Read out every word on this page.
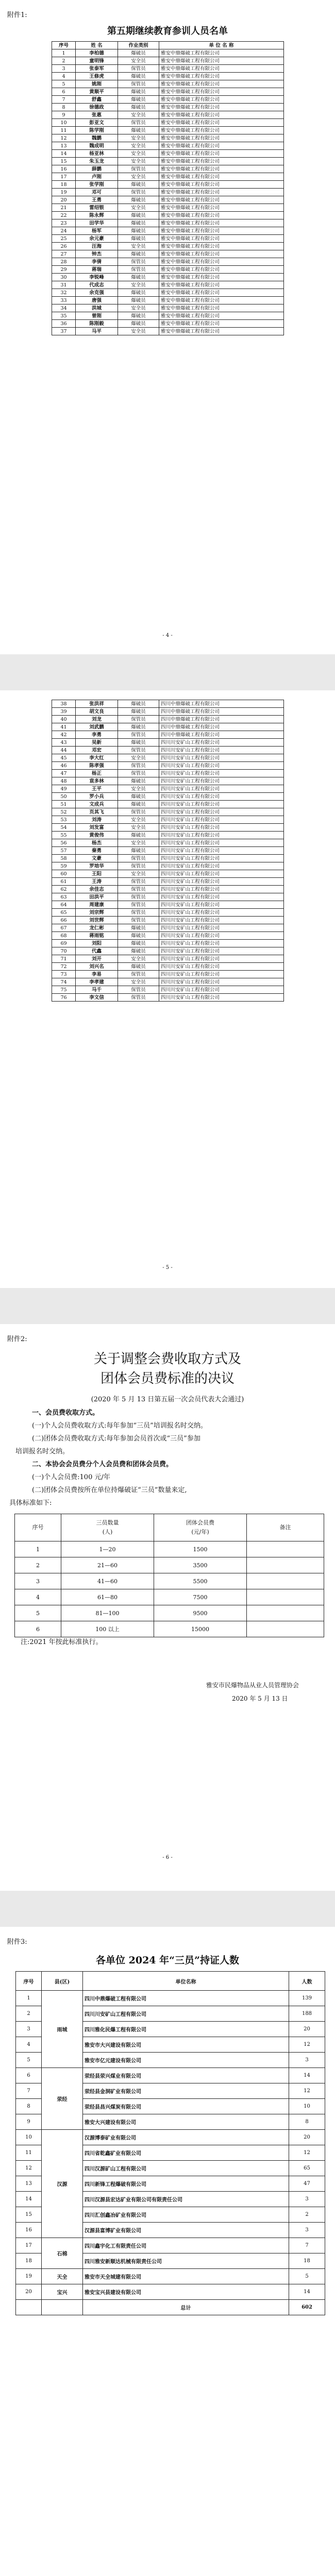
附件1:
第五期继续教育参训人员名单
序号	姓 名	作业类别	单 位 名 称
1	李柏德	爆破员	雅安中鼎爆破工程有限公司
2	童明锋	安全员	雅安中鼎爆破工程有限公司
3	张泰军	保管员	雅安中鼎爆破工程有限公司
4	王修虎	爆破员	雅安中鼎爆破工程有限公司
5	姚刚	保管员	雅安中鼎爆破工程有限公司
6	黄顺平	爆破员	雅安中鼎爆破工程有限公司
7	舒鑫	爆破员	雅安中鼎爆破工程有限公司
8	徐德政	爆破员	雅安中鼎爆破工程有限公司
9	张惠	安全员	雅安中鼎爆破工程有限公司
10	彭亚文	保管员	雅安中鼎爆破工程有限公司
11	陈学刚	爆破员	雅安中鼎爆破工程有限公司
12	魏鹏	安全员	雅安中鼎爆破工程有限公司
13	魏成明	安全员	雅安中鼎爆破工程有限公司
14	杨亚林	安全员	雅安中鼎爆破工程有限公司
15	朱玉龙	安全员	雅安中鼎爆破工程有限公司
16	薛鹏	保管员	雅安中鼎爆破工程有限公司
17	卢刚	安全员	雅安中鼎爆破工程有限公司
18	张学刚	爆破员	雅安中鼎爆破工程有限公司
19	邓可	保管员	雅安中鼎爆破工程有限公司
20	王勇	爆破员	雅安中鼎爆破工程有限公司
21	雷绍银	安全员	雅安中鼎爆破工程有限公司
22	陈永辉	爆破员	雅安中鼎爆破工程有限公司
23	田学华	爆破员	雅安中鼎爆破工程有限公司
24	杨军	爆破员	雅安中鼎爆破工程有限公司
25	余元豪	爆破员	雅安中鼎爆破工程有限公司
26	汪海	安全员	雅安中鼎爆破工程有限公司
27	钟杰	爆破员	雅安中鼎爆破工程有限公司
28	李倩	保管员	雅安中鼎爆破工程有限公司
29	蒋瑞	保管员	雅安中鼎爆破工程有限公司
30	李锐峰	爆破员	雅安中鼎爆破工程有限公司
31	代成志	安全员	雅安中鼎爆破工程有限公司
32	余克强	爆破员	雅安中鼎爆破工程有限公司
33	唐强	爆破员	雅安中鼎爆破工程有限公司
34	洪城	安全员	雅安中鼎爆破工程有限公司
35	曾刚	爆破员	雅安中鼎爆破工程有限公司
36	陈刚毅	爆破员	雅安中鼎爆破工程有限公司
37	马平	安全员	雅安中鼎爆破工程有限公司
- 4 -
38	张洪祥	爆破员	四川中鼎爆破工程有限公司
39	胡文良	爆破员	四川中鼎爆破工程有限公司
40	刘龙	保管员	四川中鼎爆破工程有限公司
41	刘武鹏	爆破员	四川中鼎爆破工程有限公司
42	李勇	保管员	四川中鼎爆破工程有限公司
43	吴新	爆破员	四川川安矿山工程有限公司
44	邓宏	保管员	四川川安矿山工程有限公司
45	李大红	安全员	四川川安矿山工程有限公司
46	陈孝强	保管员	四川川安矿山工程有限公司
47	杨正	保管员	四川川安矿山工程有限公司
48	袁多林	爆破员	四川川安矿山工程有限公司
49	王平	安全员	四川川安矿山工程有限公司
50	罗小兵	爆破员	四川川安矿山工程有限公司
51	文成兵	爆破员	四川川安矿山工程有限公司
52	页其飞	保管员	四川川安矿山工程有限公司
53	刘涛	安全员	四川川安矿山工程有限公司
54	刘发富	安全员	四川川安矿山工程有限公司
55	黄俊伟	爆破员	四川川安矿山工程有限公司
56	杨杰	安全员	四川川安矿山工程有限公司
57	秦勇	爆破员	四川川安矿山工程有限公司
58	文豪	保管员	四川川安矿山工程有限公司
59	罗培华	保管员	四川川安矿山工程有限公司
60	王阳	安全员	四川川安矿山工程有限公司
61	王涛	保管员	四川川安矿山工程有限公司
62	余佳志	保管员	四川川安矿山工程有限公司
63	田洪平	保管员	四川川安矿山工程有限公司
64	周建康	保管员	四川川安矿山工程有限公司
65	刘宗辉	保管员	四川川安矿山工程有限公司
66	刘世辉	保管员	四川川安矿山工程有限公司
67	龙仁彬	爆破员	四川川安矿山工程有限公司
68	蒋雨铭	爆破员	四川川安矿山工程有限公司
69	刘阳	爆破员	四川川安矿山工程有限公司
70	代鑫	爆破员	四川川安矿山工程有限公司
71	刘开	安全员	四川川安矿山工程有限公司
72	刘兴名	爆破员	四川川安矿山工程有限公司
73	李易	保管员	四川川安矿山工程有限公司
74	李孝建	安全员	四川川安矿山工程有限公司
75	马千	保管员	四川川安矿山工程有限公司
76	李文信	保管员	四川川安矿山工程有限公司
- 5 -
附件2:
关于调整会费收取方式及
团体会员费标准的决议
(2020 年 5 月 13 日第五届一次会员代表大会通过)
一、会员费收取方式。
(一)个人会员费收取方式:每年参加“三员”培训报名时交纳。
(二)团体会员费收取方式:每年参加会员首次或“三员”参加
培训报名时交纳。
二、本协会会员费分个人会员费和团体会员费。
(一)个人会员费:100 元/年
(二)团体会员费按所在单位持爆破证“三员”数量来定,
具体标准如下:
序号	三员数量
(人)	团体会员费
(元/年)	备注
1	1—20	1500	
2	21—60	3500	
3	41—60	5500	
4	61—80	7500	
5	81—100	9500	
6	100 以上	15000	
注:2021 年按此标准执行。
雅安市民爆物品从业人员管理协会
2020 年 5 月 13 日
- 6 -
附件3:
各单位 2024 年“三员”持证人数
序号	县(区)	单位名称	人数
1	雨城	四川中鼎爆破工程有限公司	139
2		四川川安矿山工程有限公司	188
3		四川雅化民爆工程有限公司	20
4		雅安市大兴建设有限公司	12
5		雅安市亿元建设有限公司	3
6	荥经	荥经县荥兴煤业有限公司	14
7		荥经县金洞矿业有限公司	12
8		荥经县昌兴煤炭有限公司	10
9		雅安大兴建设有限公司	8
10	汉源	汉源博泰矿业有限公司	20
11		四川省乾鑫矿业有限公司	12
12		四川汉源矿山工程有限公司	65
13		四川新锋工程爆破有限公司	47
14		四川汉源县宏达矿业有限公司有限责任公司	3
15		四川汇创鑫冶矿业有限公司	2
16		汉源县富博矿业有限公司	3
17	石棉	四川鑫宇化工有限责任公司	7
18		四川雅安新顺达机械有限责任公司	18
19	天全	雅安市天全城建有限公司	5
20	宝兴	雅安宝兴县建设有限公司	14
		总计	602
